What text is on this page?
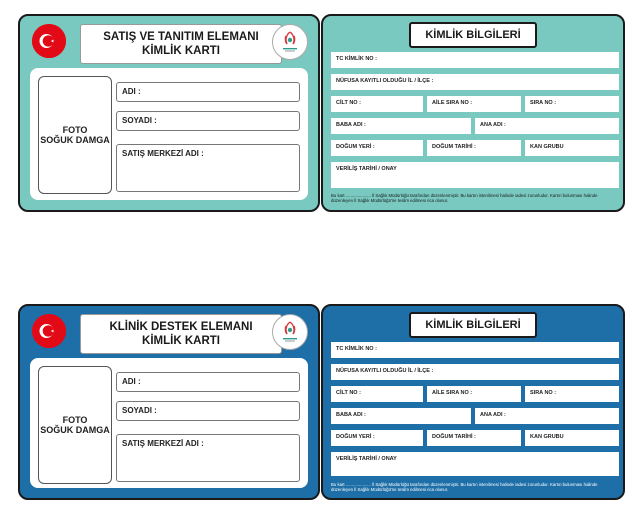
SATIŞ VE TANITIM ELEMANI
KİMLİK KARTI
FOTO
SOĞUK DAMGA
ADI :
SOYADI :
SATIŞ MERKEZİ ADI :
KİMLİK BİLGİLERİ
TC KİMLİK NO :
NÜFUSA KAYITLI OLDUĞU İL / İLÇE :
CİLT NO :	AİLE SIRA NO :	SIRA NO :
BABA ADI :	ANA ADI :
DOĞUM YERİ :	DOĞUM TARİHİ :	KAN GRUBU
VERİLİŞ TARİHİ / ONAY
Bu kart ..................... İl Sağlık Müdürlüğü tarafından düzenlenmiştir. Bu kartın istenilmesi halinde iadesi zorunludur. Kartın bulunması halinde
düzenleyen İl Sağlık Müdürlüğü'ne teslim edilmesi rica olunur.
KLİNİK DESTEK ELEMANI
KİMLİK KARTI
FOTO
SOĞUK DAMGA
ADI :
SOYADI :
SATIŞ MERKEZİ ADI :
KİMLİK BİLGİLERİ
TC KİMLİK NO :
NÜFUSA KAYITLI OLDUĞU İL / İLÇE :
CİLT NO :	AİLE SIRA NO :	SIRA NO :
BABA ADI :	ANA ADI :
DOĞUM YERİ :	DOĞUM TARİHİ :	KAN GRUBU
VERİLİŞ TARİHİ / ONAY
Bu kart ..................... İl Sağlık Müdürlüğü tarafından düzenlenmiştir. Bu kartın istenilmesi halinde iadesi zorunludur. Kartın bulunması halinde
düzenleyen İl Sağlık Müdürlüğü'ne teslim edilmesi rica olunur.
